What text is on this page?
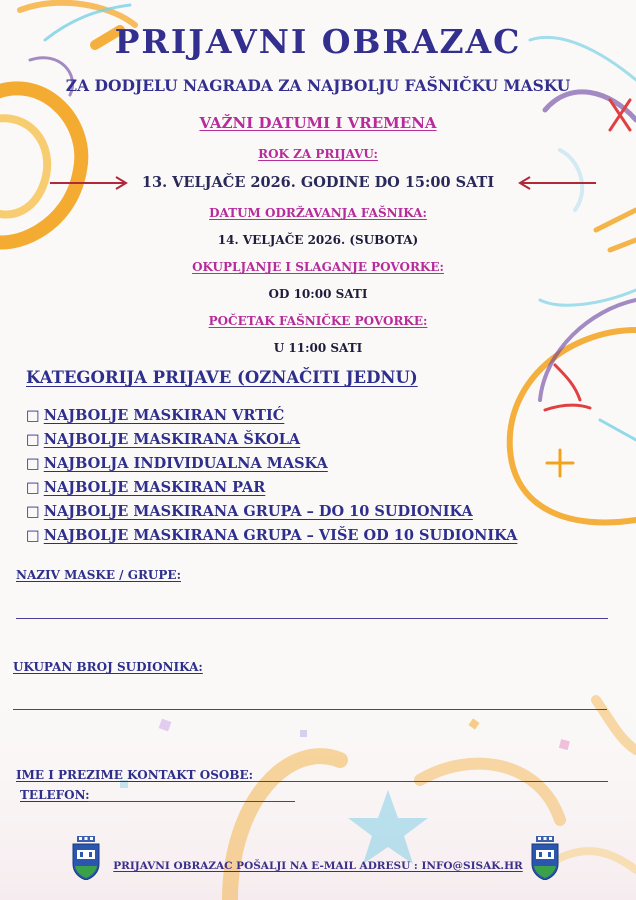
PRIJAVNI OBRAZAC
ZA DODJELU NAGRADA ZA NAJBOLJU FAŠNIČKU MASKU
VAŽNI DATUMI I VREMENA
ROK ZA PRIJAVU:
13. VELJAČE 2026. GODINE DO 15:00 SATI
DATUM ODRŽAVANJA FAŠNIKA:
14. VELJAČE 2026. (SUBOTA)
OKUPLJANJE I SLAGANJE POVORKE:
OD 10:00 SATI
POČETAK FAŠNIČKE POVORKE:
U 11:00 SATI
KATEGORIJA PRIJAVE (OZNAČITI JEDNU)
□ NAJBOLJE MASKIRAN VRTIĆ
□ NAJBOLJE MASKIRANA ŠKOLA
□ NAJBOLJA INDIVIDUALNA MASKA
□ NAJBOLJE MASKIRAN PAR
□ NAJBOLJE MASKIRANA GRUPA – DO 10 SUDIONIKA
□ NAJBOLJE MASKIRANA GRUPA – VIŠE OD 10 SUDIONIKA
NAZIV MASKE / GRUPE:
UKUPAN BROJ SUDIONIKA:
IME I PREZIME KONTAKT OSOBE:
TELEFON:
PRIJAVNI OBRAZAC POŠALJI NA E-MAIL ADRESU : INFO@SISAK.HR
